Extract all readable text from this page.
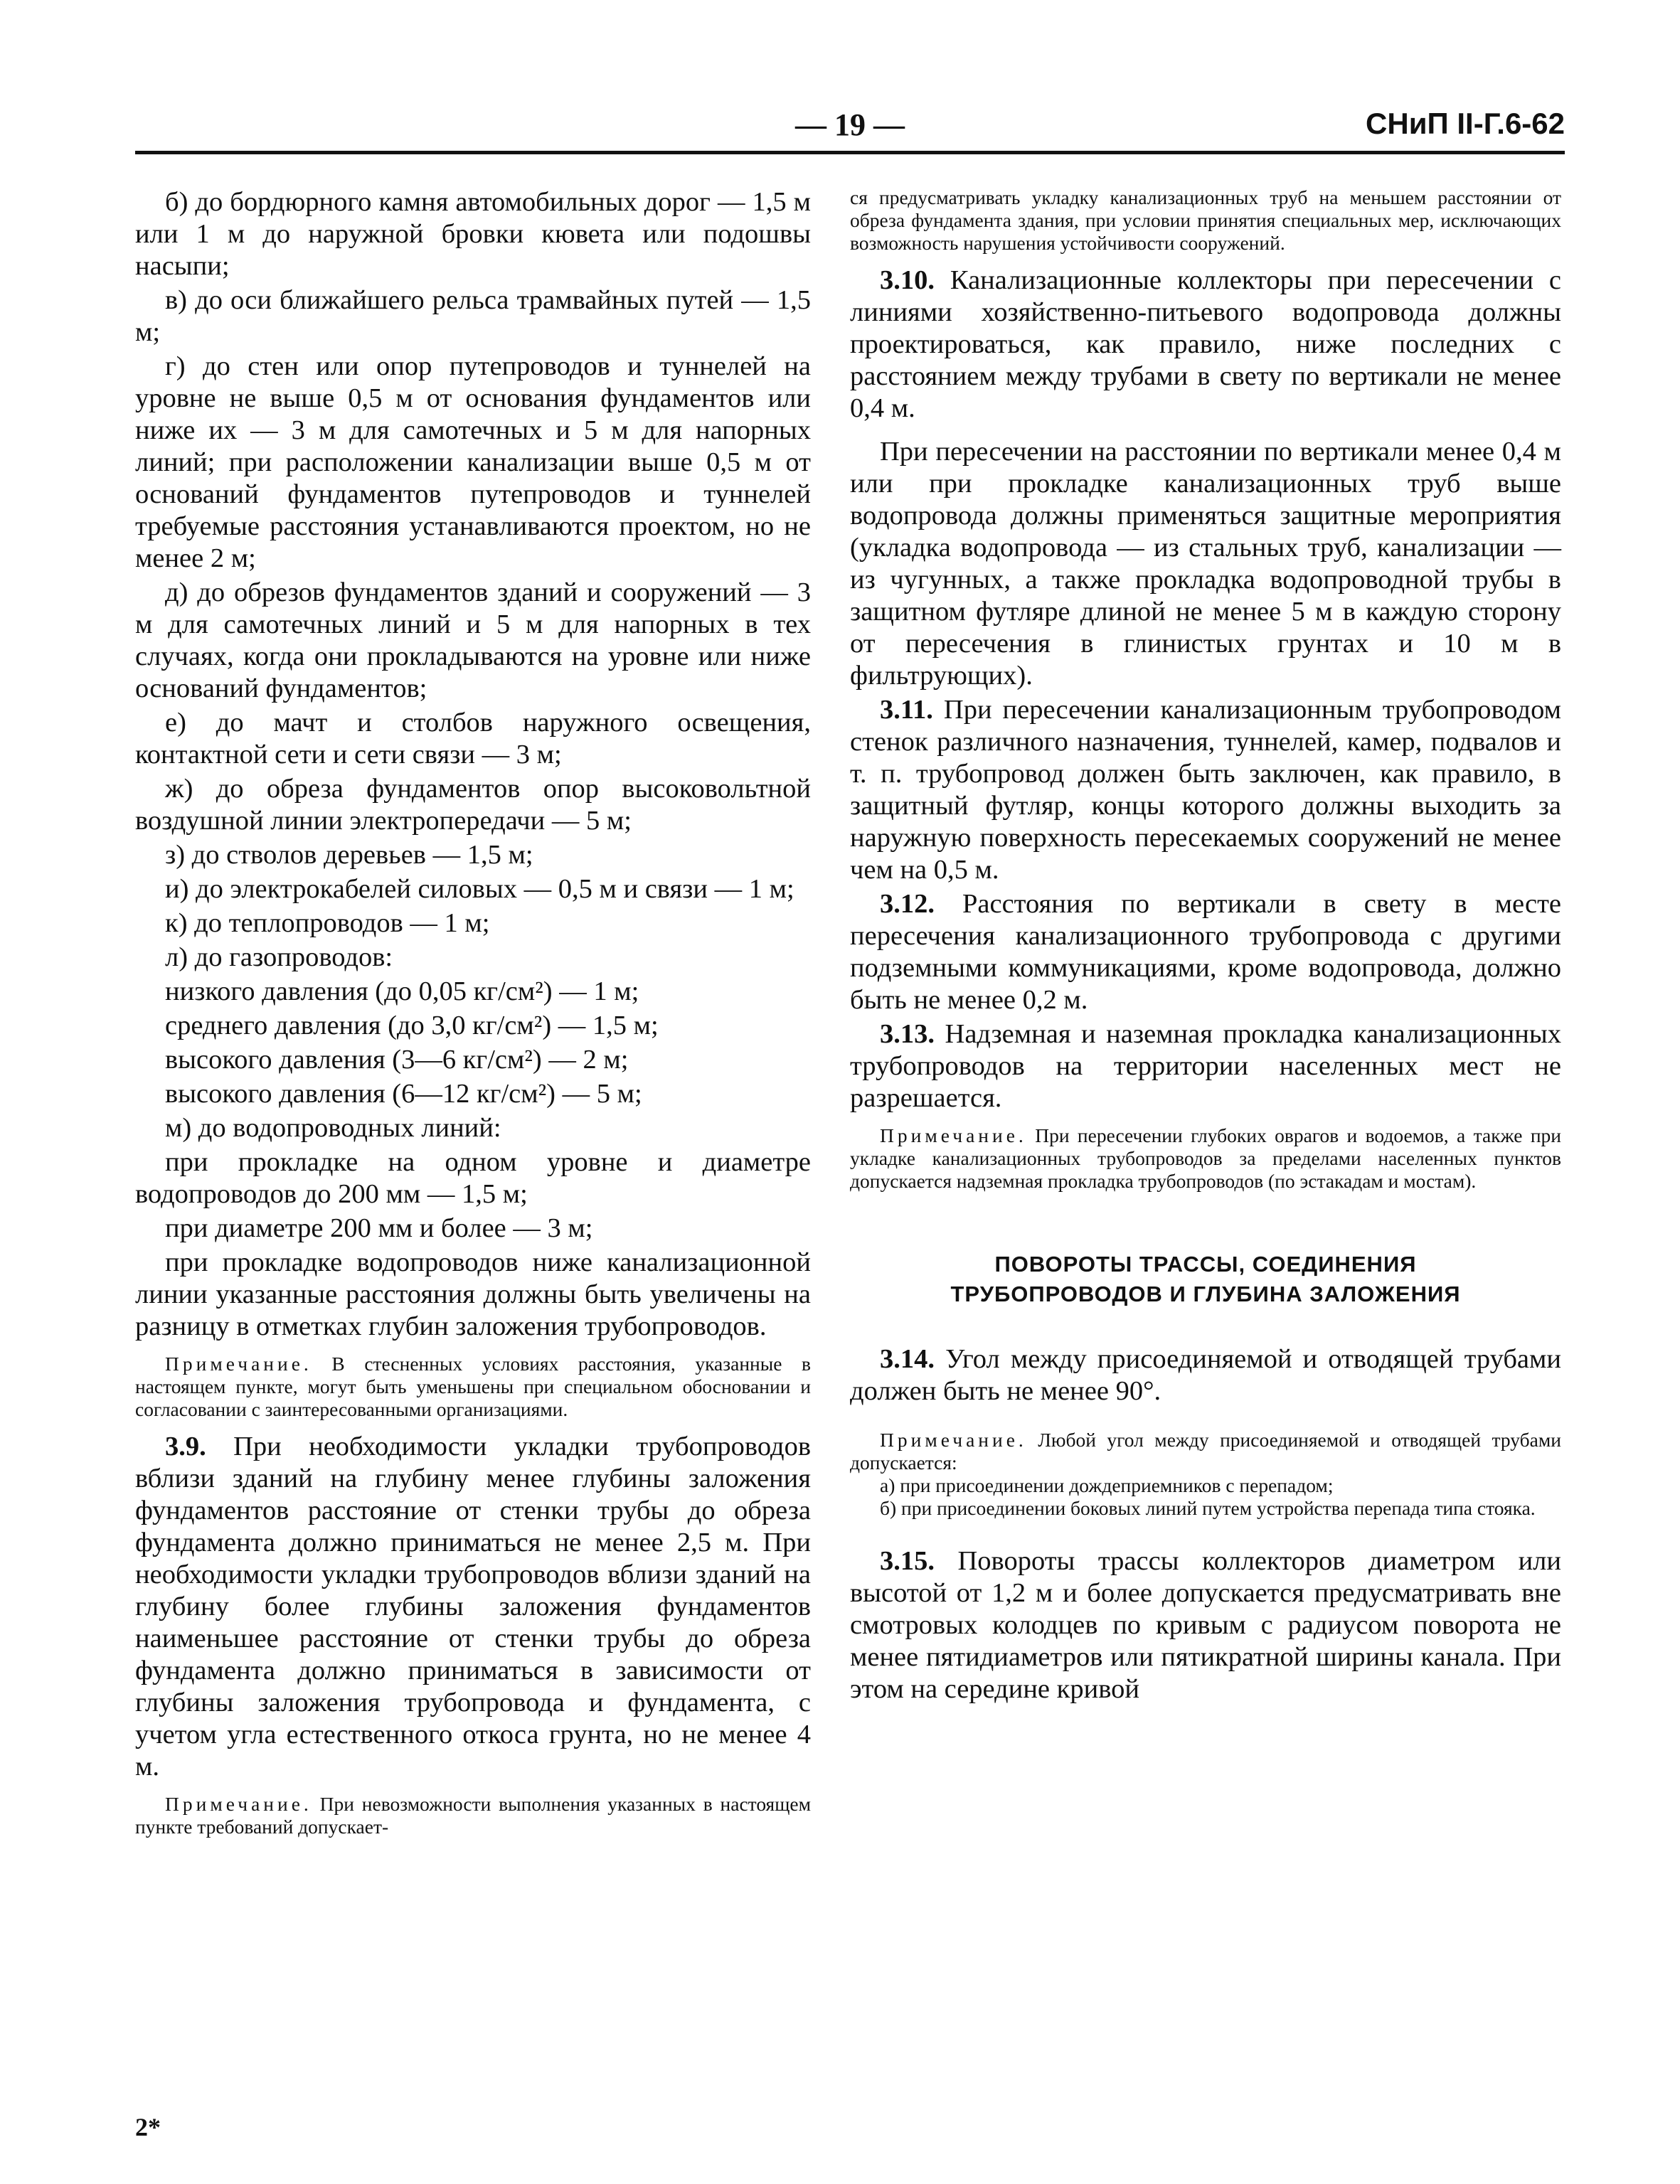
— 19 —	СНиП II-Г.6-62

б) до бордюрного камня автомобильных дорог — 1,5 м или 1 м до наружной бровки кювета или подошвы насыпи;

в) до оси ближайшего рельса трамвайных путей — 1,5 м;

г) до стен или опор путепроводов и туннелей на уровне не выше 0,5 м от основания фундаментов или ниже их — 3 м для самотечных и 5 м для напорных линий; при расположении канализации выше 0,5 м от оснований фундаментов путепроводов и туннелей требуемые расстояния устанавливаются проектом, но не менее 2 м;

д) до обрезов фундаментов зданий и сооружений — 3 м для самотечных линий и 5 м для напорных в тех случаях, когда они прокладываются на уровне или ниже оснований фундаментов;

е) до мачт и столбов наружного освещения, контактной сети и сети связи — 3 м;

ж) до обреза фундаментов опор высоковольтной воздушной линии электропередачи — 5 м;

з) до стволов деревьев — 1,5 м;

и) до электрокабелей силовых — 0,5 м и связи — 1 м;

к) до теплопроводов — 1 м;

л) до газопроводов:

низкого давления (до 0,05 кг/см²) — 1 м;

среднего давления (до 3,0 кг/см²) — 1,5 м;

высокого давления (3—6 кг/см²) — 2 м;

высокого давления (6—12 кг/см²) — 5 м;

м) до водопроводных линий:

при прокладке на одном уровне и диаметре водопроводов до 200 мм — 1,5 м;

при диаметре 200 мм и более — 3 м;

при прокладке водопроводов ниже канализационной линии указанные расстояния должны быть увеличены на разницу в отметках глубин заложения трубопроводов.

Примечание. В стесненных условиях расстояния, указанные в настоящем пункте, могут быть уменьшены при специальном обосновании и согласовании с заинтересованными организациями.

3.9. При необходимости укладки трубопроводов вблизи зданий на глубину менее глубины заложения фундаментов расстояние от стенки трубы до обреза фундамента должно приниматься не менее 2,5 м. При необходимости укладки трубопроводов вблизи зданий на глубину более глубины заложения фундаментов наименьшее расстояние от стенки трубы до обреза фундамента должно приниматься в зависимости от глубины заложения трубопровода и фундамента, с учетом угла естественного откоса грунта, но не менее 4 м.

Примечание. При невозможности выполнения указанных в настоящем пункте требований допускает-

ся предусматривать укладку канализационных труб на меньшем расстоянии от обреза фундамента здания, при условии принятия специальных мер, исключающих возможность нарушения устойчивости сооружений.

3.10. Канализационные коллекторы при пересечении с линиями хозяйственно-питьевого водопровода должны проектироваться, как правило, ниже последних с расстоянием между трубами в свету по вертикали не менее 0,4 м.

При пересечении на расстоянии по вертикали менее 0,4 м или при прокладке канализационных труб выше водопровода должны применяться защитные мероприятия (укладка водопровода — из стальных труб, канализации — из чугунных, а также прокладка водопроводной трубы в защитном футляре длиной не менее 5 м в каждую сторону от пересечения в глинистых грунтах и 10 м в фильтрующих).

3.11. При пересечении канализационным трубопроводом стенок различного назначения, туннелей, камер, подвалов и т. п. трубопровод должен быть заключен, как правило, в защитный футляр, концы которого должны выходить за наружную поверхность пересекаемых сооружений не менее чем на 0,5 м.

3.12. Расстояния по вертикали в свету в месте пересечения канализационного трубопровода с другими подземными коммуникациями, кроме водопровода, должно быть не менее 0,2 м.

3.13. Надземная и наземная прокладка канализационных трубопроводов на территории населенных мест не разрешается.

Примечание. При пересечении глубоких оврагов и водоемов, а также при укладке канализационных трубопроводов за пределами населенных пунктов допускается надземная прокладка трубопроводов (по эстакадам и мостам).

ПОВОРОТЫ ТРАССЫ, СОЕДИНЕНИЯ
ТРУБОПРОВОДОВ И ГЛУБИНА ЗАЛОЖЕНИЯ

3.14. Угол между присоединяемой и отводящей трубами должен быть не менее 90°.

Примечание. Любой угол между присоединяемой и отводящей трубами допускается:

а) при присоединении дождеприемников с перепадом;

б) при присоединении боковых линий путем устройства перепада типа стояка.

3.15. Повороты трассы коллекторов диаметром или высотой от 1,2 м и более допускается предусматривать вне смотровых колодцев по кривым с радиусом поворота не менее пятидиаметров или пятикратной ширины канала. При этом на середине кривой

2*
